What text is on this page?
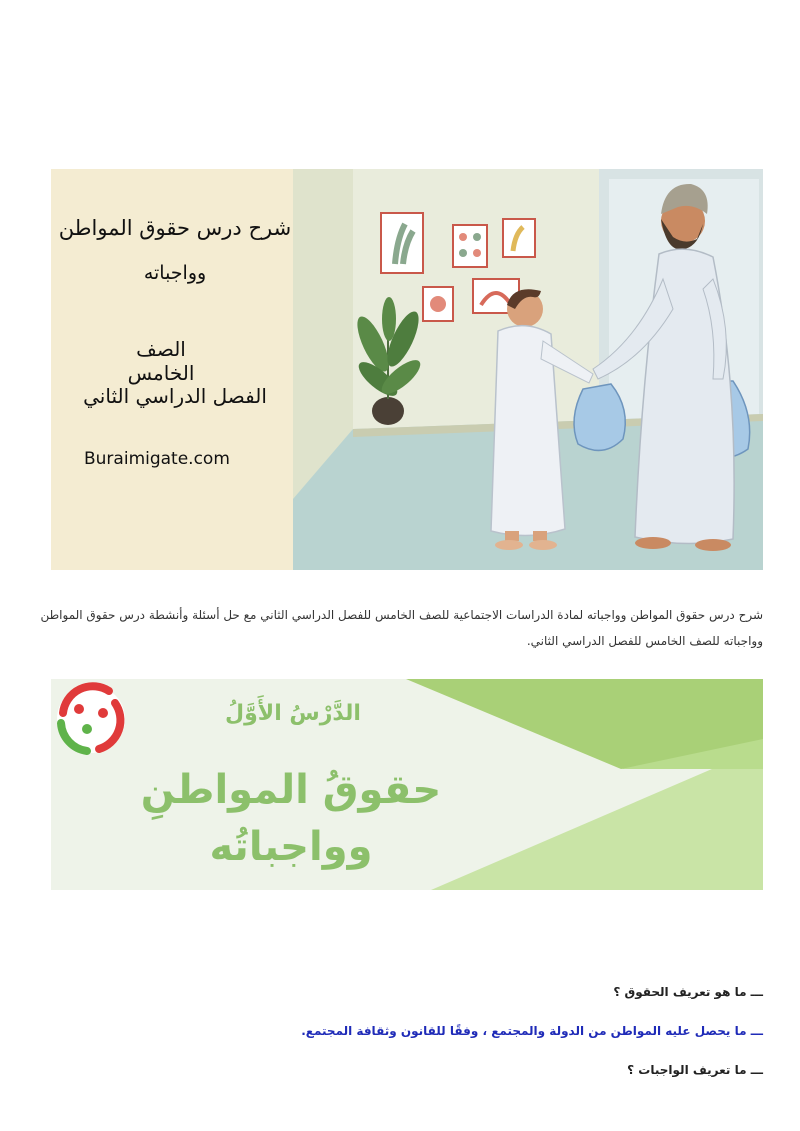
شرح درس حقوق المواطن
وواجباته
الصف الخامس
الفصل الدراسي الثاني
Buraimigate.com
شرح درس حقوق المواطن وواجباته لمادة الدراسات الاجتماعية للصف الخامس للفصل الدراسي الثاني مع حل أسئلة وأنشطة درس حقوق المواطن وواجباته للصف الخامس للفصل الدراسي الثاني.
الدَّرْسُ الأَوَّلُ
حقوقُ المواطنِ
وواجباتُه
ـــ ما هو تعريف الحقوق ؟
ـــ ما يحصل عليه المواطن من الدولة والمجتمع ، وفقًا للقانون وثقافة المجتمع.
ـــ ما تعريف الواجبات ؟
